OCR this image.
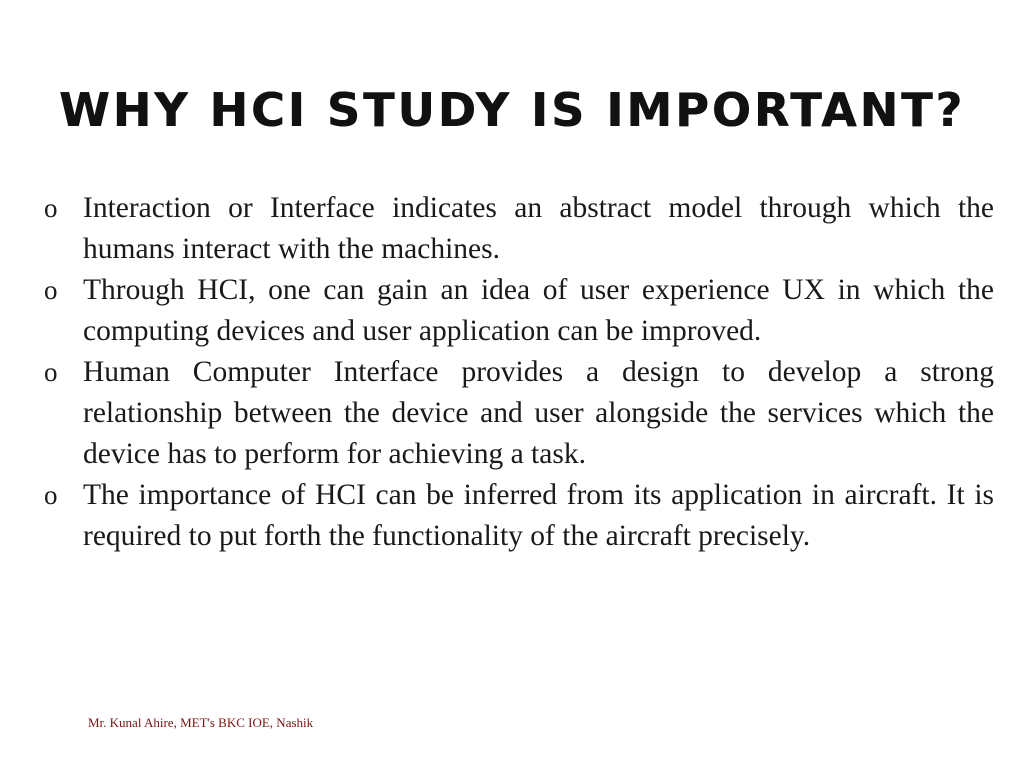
WHY HCI STUDY IS IMPORTANT?
o Interaction or Interface indicates an abstract model through which the humans interact with the machines.
o Through HCI, one can gain an idea of user experience UX in which the computing devices and user application can be improved.
o Human Computer Interface provides a design to develop a strong relationship between the device and user alongside the services which the device has to perform for achieving a task.
o The importance of HCI can be inferred from its application in aircraft. It is required to put forth the functionality of the aircraft precisely.
Mr. Kunal Ahire, MET's BKC IOE, Nashik
